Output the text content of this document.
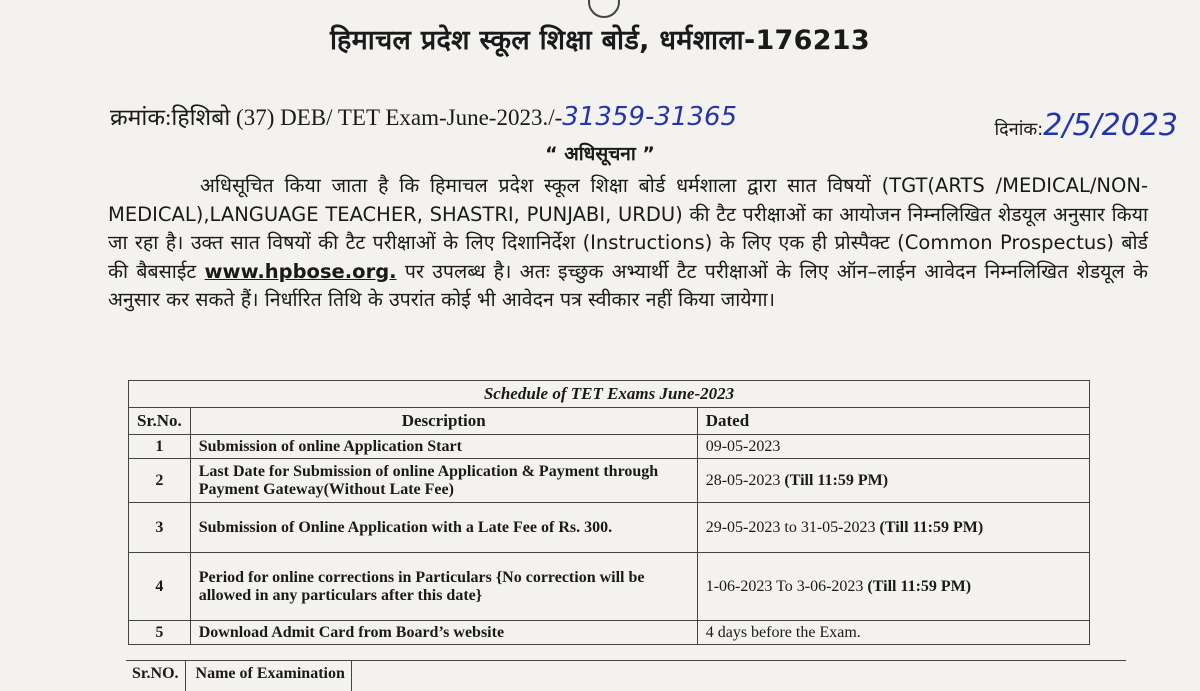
हिमाचल प्रदेश स्कूल शिक्षा बोर्ड, धर्मशाला-176213
क्रमांक:हिशिबो (37) DEB/ TET Exam-June-2023./-31359-31365	दिनांक:2/5/2023
“ अधिसूचना ”
अधिसूचित किया जाता है कि हिमाचल प्रदेश स्कूल शिक्षा बोर्ड धर्मशाला द्वारा सात विषयों (TGT(ARTS /MEDICAL/NON-MEDICAL),LANGUAGE TEACHER, SHASTRI, PUNJABI, URDU) की टैट परीक्षाओं का आयोजन निम्नलिखित शेडयूल अनुसार किया जा रहा है। उक्त सात विषयों की टैट परीक्षाओं के लिए दिशानिर्देश (Instructions) के लिए एक ही प्रोस्पैक्ट (Common Prospectus) बोर्ड की बैबसाईट www.hpbose.org. पर उपलब्ध है। अतः इच्छुक अभ्यार्थी टैट परीक्षाओं के लिए ऑन–लाईन आवेदन निम्नलिखित शेडयूल के अनुसार कर सकते हैं। निर्धारित तिथि के उपरांत कोई भी आवेदन पत्र स्वीकार नहीं किया जायेगा।
Schedule of TET Exams June-2023		
Sr.No.	Description	Dated
1	Submission of online Application Start	09-05-2023
2	Last Date for Submission of online Application & Payment through Payment Gateway(Without Late Fee)	28-05-2023 (Till 11:59 PM)
3	Submission of Online Application with a Late Fee of Rs. 300.	29-05-2023 to 31-05-2023 (Till 11:59 PM)
4	Period for online corrections in Particulars {No correction will be allowed in any particulars after this date}	1-06-2023 To 3-06-2023 (Till 11:59 PM)
5	Download Admit Card from Board’s website	4 days before the Exam.
Sr.NO. Name of Examination
